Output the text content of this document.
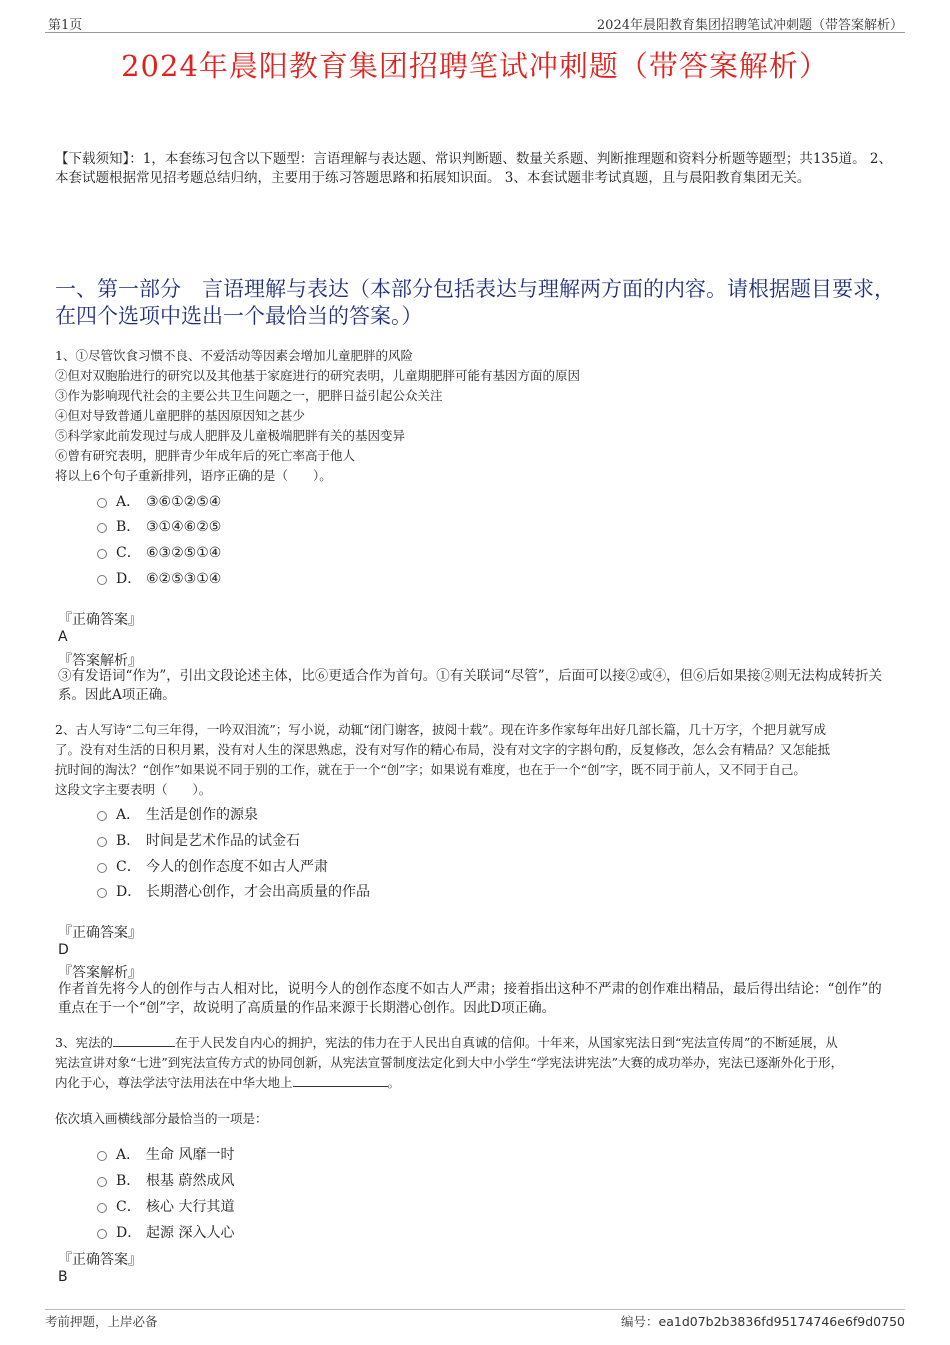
第1页	2024年晨阳教育集团招聘笔试冲刺题（带答案解析）
2024年晨阳教育集团招聘笔试冲刺题（带答案解析）
【下载须知】：1，本套练习包含以下题型：言语理解与表达题、常识判断题、数量关系题、判断推理题和资料分析题等题型；共135道。 2、本套试题根据常见招考题总结归纳，主要用于练习答题思路和拓展知识面。 3、本套试题非考试真题，且与晨阳教育集团无关。
一、第一部分　言语理解与表达（本部分包括表达与理解两方面的内容。请根据题目要求，在四个选项中选出一个最恰当的答案。）

1、①尽管饮食习惯不良、不爱活动等因素会增加儿童肥胖的风险

②但对双胞胎进行的研究以及其他基于家庭进行的研究表明，儿童期肥胖可能有基因方面的原因

③作为影响现代社会的主要公共卫生问题之一，肥胖日益引起公众关注

④但对导致普通儿童肥胖的基因原因知之甚少

⑤科学家此前发现过与成人肥胖及儿童极端肥胖有关的基因变异

⑥曾有研究表明，肥胖青少年成年后的死亡率高于他人

将以上6个句子重新排列，语序正确的是（　　）。

A． ③⑥①②⑤④
B． ③①④⑥②⑤
C． ⑥③②⑤①④
D． ⑥②⑤③①④
『正确答案』
A
『答案解析』
③有发语词“作为”，引出文段论述主体，比⑥更适合作为首句。①有关联词“尽管”，后面可以接②或④，但⑥后如果接②则无法构成转折关系。因此A项正确。

2、古人写诗“二句三年得，一吟双泪流”；写小说，动辄“闭门谢客，披阅十载”。现在许多作家每年出好几部长篇，几十万字，个把月就写成

了。没有对生活的日积月累，没有对人生的深思熟虑，没有对写作的精心布局，没有对文字的字斟句酌，反复修改，怎么会有精品？又怎能抵

抗时间的淘汰？“创作”如果说不同于别的工作，就在于一个“创”字；如果说有难度，也在于一个“创”字，既不同于前人，又不同于自己。

这段文字主要表明（　　）。

A． 生活是创作的源泉
B． 时间是艺术作品的试金石
C． 今人的创作态度不如古人严肃
D． 长期潜心创作，才会出高质量的作品
『正确答案』
D
『答案解析』
作者首先将今人的创作与古人相对比，说明今人的创作态度不如古人严肃；接着指出这种不严肃的创作难出精品，最后得出结论：“创作”的重点在于一个“创”字，故说明了高质量的作品来源于长期潜心创作。因此D项正确。

3、宪法的	在于人民发自内心的拥护，宪法的伟力在于人民出自真诚的信仰。十年来，从国家宪法日到“宪法宣传周”的不断延展，从

宪法宣讲对象“七进”到宪法宣传方式的协同创新，从宪法宣誓制度法定化到大中小学生“学宪法讲宪法”大赛的成功举办，宪法已逐渐外化于形，

内化于心，尊法学法守法用法在中华大地上	。

依次填入画横线部分最恰当的一项是：
A． 生命 风靡一时
B． 根基 蔚然成风
C． 核心 大行其道
D． 起源 深入人心
『正确答案』
B
考前押题，上岸必备	编号：ea1d07b2b3836fd95174746e6f9d0750
